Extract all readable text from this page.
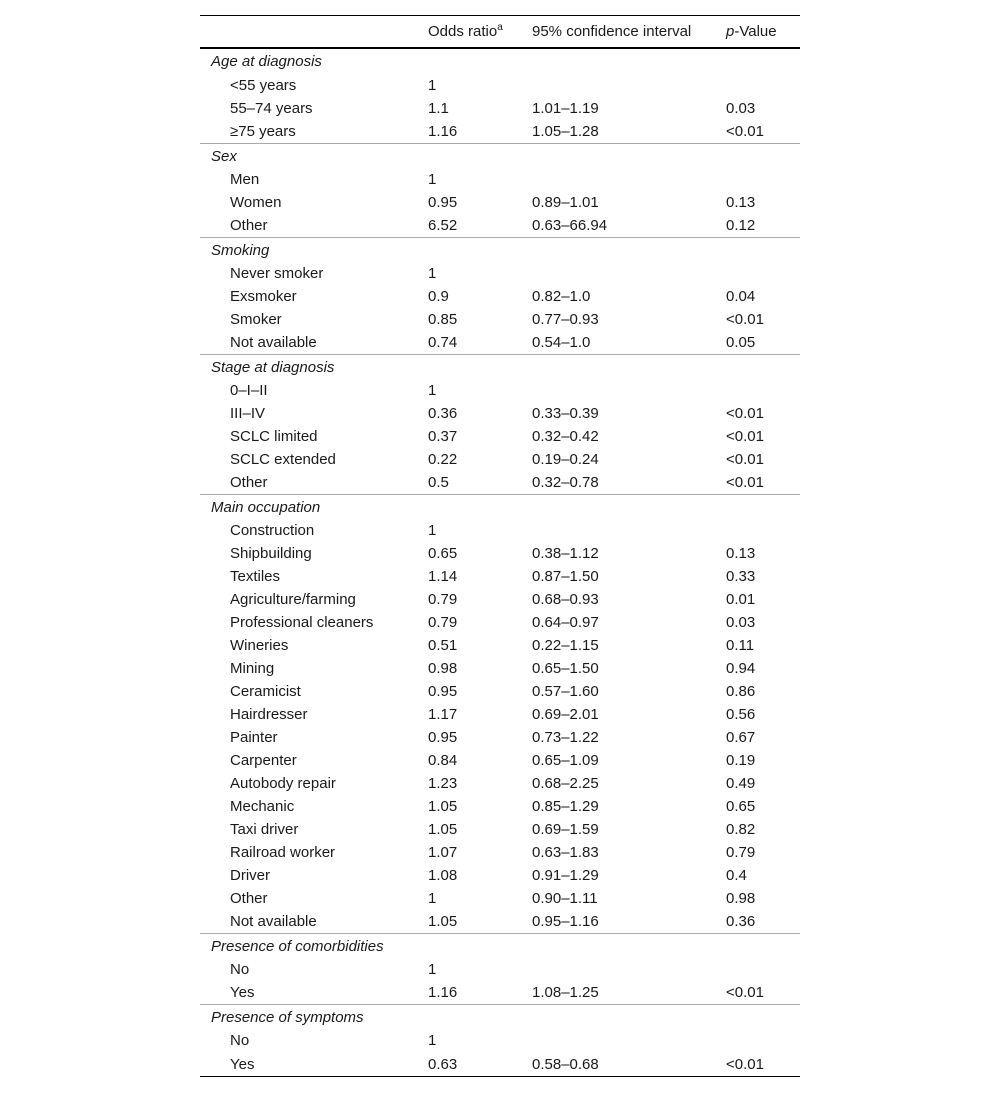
	Odds ratio$^a$	95% confidence interval	p-Value
Age at diagnosis			
<55 years	1		
55–74 years	1.1	1.01–1.19	0.03
≥75 years	1.16	1.05–1.28	<0.01
Sex			
Men	1		
Women	0.95	0.89–1.01	0.13
Other	6.52	0.63–66.94	0.12
Smoking			
Never smoker	1		
Exsmoker	0.9	0.82–1.0	0.04
Smoker	0.85	0.77–0.93	<0.01
Not available	0.74	0.54–1.0	0.05
Stage at diagnosis			
0–I–II	1		
III–IV	0.36	0.33–0.39	<0.01
SCLC limited	0.37	0.32–0.42	<0.01
SCLC extended	0.22	0.19–0.24	<0.01
Other	0.5	0.32–0.78	<0.01
Main occupation			
Construction	1		
Shipbuilding	0.65	0.38–1.12	0.13
Textiles	1.14	0.87–1.50	0.33
Agriculture/farming	0.79	0.68–0.93	0.01
Professional cleaners	0.79	0.64–0.97	0.03
Wineries	0.51	0.22–1.15	0.11
Mining	0.98	0.65–1.50	0.94
Ceramicist	0.95	0.57–1.60	0.86
Hairdresser	1.17	0.69–2.01	0.56
Painter	0.95	0.73–1.22	0.67
Carpenter	0.84	0.65–1.09	0.19
Autobody repair	1.23	0.68–2.25	0.49
Mechanic	1.05	0.85–1.29	0.65
Taxi driver	1.05	0.69–1.59	0.82
Railroad worker	1.07	0.63–1.83	0.79
Driver	1.08	0.91–1.29	0.4
Other	1	0.90–1.11	0.98
Not available	1.05	0.95–1.16	0.36
Presence of comorbidities			
No	1		
Yes	1.16	1.08–1.25	<0.01
Presence of symptoms			
No	1		
Yes	0.63	0.58–0.68	<0.01
